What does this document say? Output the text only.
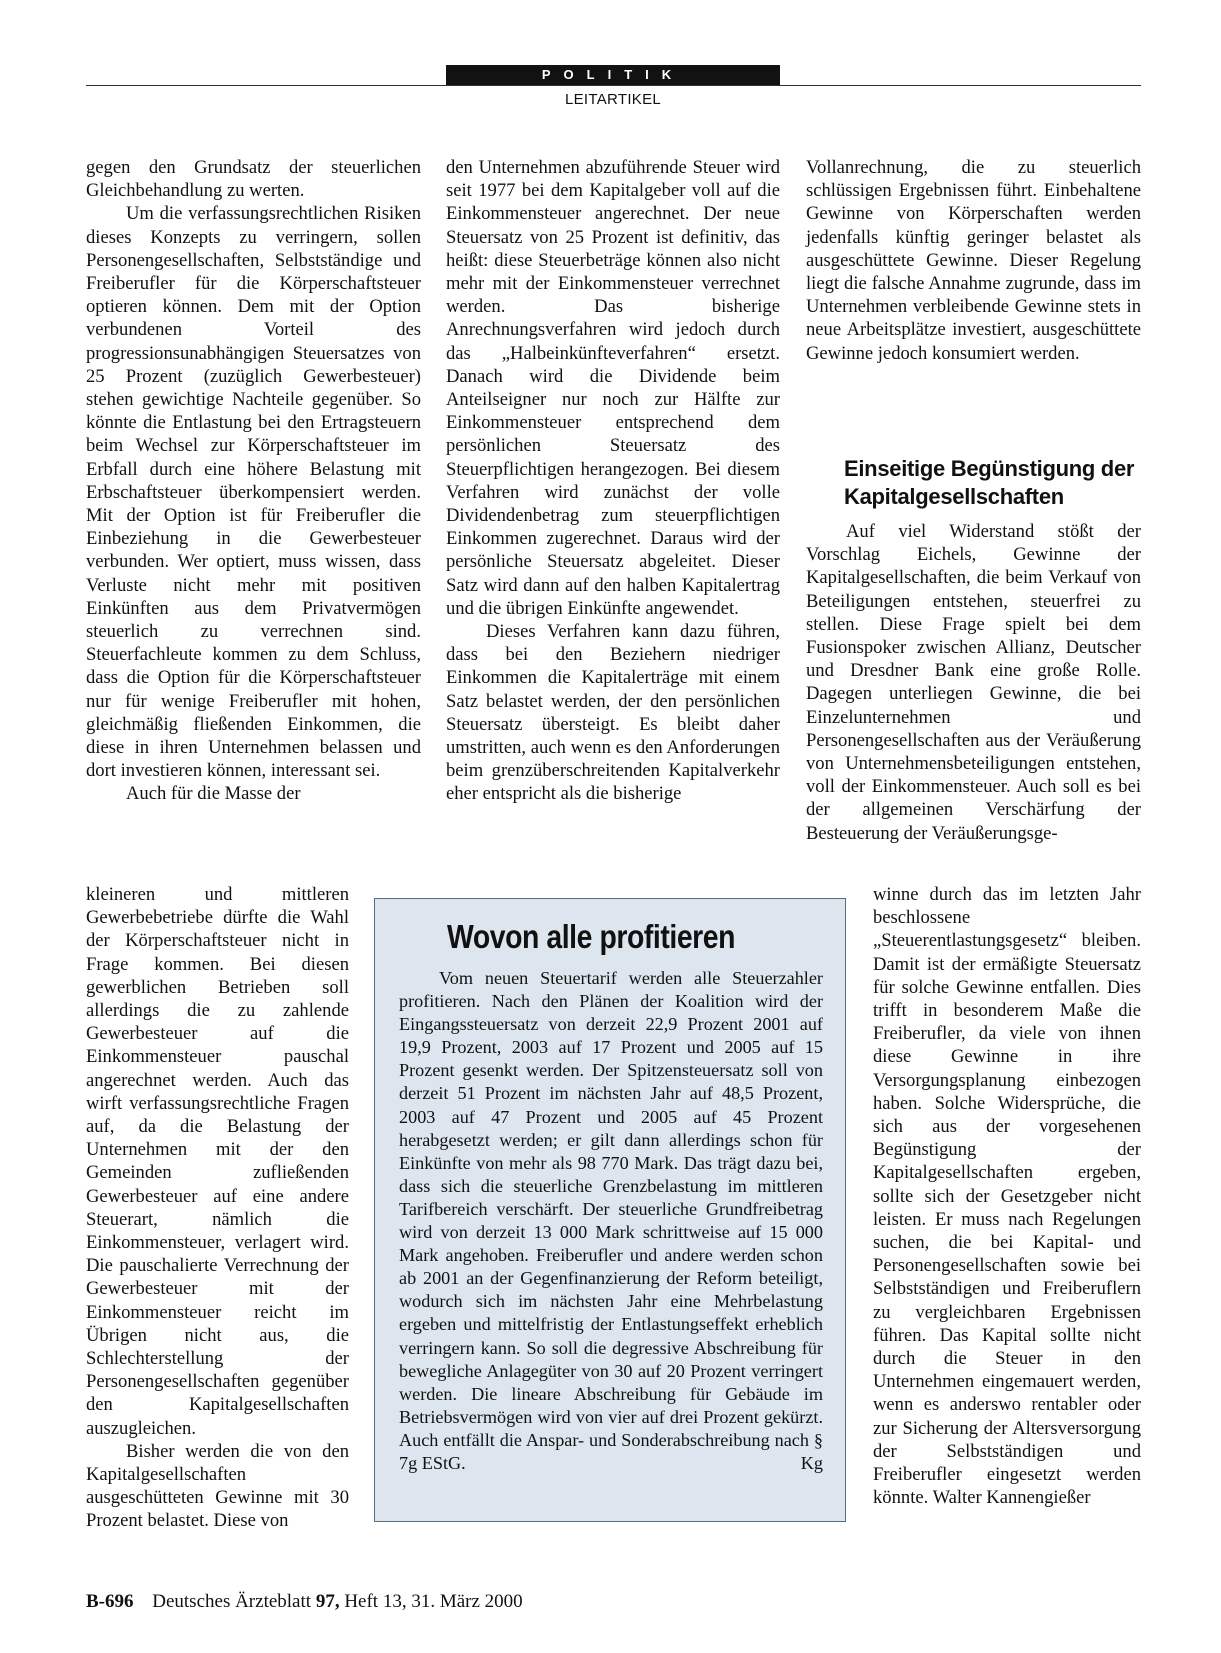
POLITIK
LEITARTIKEL

gegen den Grundsatz der steuerlichen Gleichbehandlung zu werten.

Um die verfassungsrechtlichen Risiken dieses Konzepts zu verringern, sollen Personengesellschaften, Selbstständige und Freiberufler für die Körperschaftsteuer optieren können. Dem mit der Option verbundenen Vorteil des progressionsunabhängigen Steuersatzes von 25 Prozent (zuzüglich Gewerbesteuer) stehen gewichtige Nachteile gegenüber. So könnte die Entlastung bei den Ertragsteuern beim Wechsel zur Körperschaftsteuer im Erbfall durch eine höhere Belastung mit Erbschaftsteuer überkompensiert werden. Mit der Option ist für Freiberufler die Einbeziehung in die Gewerbesteuer verbunden. Wer optiert, muss wissen, dass Verluste nicht mehr mit positiven Einkünften aus dem Privatvermögen steuerlich zu verrechnen sind. Steuerfachleute kommen zu dem Schluss, dass die Option für die Körperschaftsteuer nur für wenige Freiberufler mit hohen, gleichmäßig fließenden Einkommen, die diese in ihren Unternehmen belassen und dort investieren können, interessant sei.

Auch für die Masse der

kleineren und mittleren Gewerbebetriebe dürfte die Wahl der Körperschaftsteuer nicht in Frage kommen. Bei diesen gewerblichen Betrieben soll allerdings die zu zahlende Gewerbesteuer auf die Einkommensteuer pauschal angerechnet werden. Auch das wirft verfassungsrechtliche Fragen auf, da die Belastung der Unternehmen mit der den Gemeinden zufließenden Gewerbesteuer auf eine andere Steuerart, nämlich die Einkommensteuer, verlagert wird. Die pauschalierte Verrechnung der Gewerbesteuer mit der Einkommensteuer reicht im Übrigen nicht aus, die Schlechterstellung der Personengesellschaften gegenüber den Kapitalgesellschaften auszugleichen.

Bisher werden die von den Kapitalgesellschaften ausgeschütteten Gewinne mit 30 Prozent belastet. Diese von

den Unternehmen abzuführende Steuer wird seit 1977 bei dem Kapitalgeber voll auf die Einkommensteuer angerechnet. Der neue Steuersatz von 25 Prozent ist definitiv, das heißt: diese Steuerbeträge können also nicht mehr mit der Einkommensteuer verrechnet werden. Das bisherige Anrechnungsverfahren wird jedoch durch das „Halbeinkünfteverfahren“ ersetzt. Danach wird die Dividende beim Anteilseigner nur noch zur Hälfte zur Einkommensteuer entsprechend dem persönlichen Steuersatz des Steuerpflichtigen herangezogen. Bei diesem Verfahren wird zunächst der volle Dividendenbetrag zum steuerpflichtigen Einkommen zugerechnet. Daraus wird der persönliche Steuersatz abgeleitet. Dieser Satz wird dann auf den halben Kapitalertrag und die übrigen Einkünfte angewendet.

Dieses Verfahren kann dazu führen, dass bei den Beziehern niedriger Einkommen die Kapitalerträge mit einem Satz belastet werden, der den persönlichen Steuersatz übersteigt. Es bleibt daher umstritten, auch wenn es den Anforderungen beim grenzüberschreitenden Kapitalverkehr eher entspricht als die bisherige

Vollanrechnung, die zu steuerlich schlüssigen Ergebnissen führt. Einbehaltene Gewinne von Körperschaften werden jedenfalls künftig geringer belastet als ausgeschüttete Gewinne. Dieser Regelung liegt die falsche Annahme zugrunde, dass im Unternehmen verbleibende Gewinne stets in neue Arbeitsplätze investiert, ausgeschüttete Gewinne jedoch konsumiert werden.

Einseitige Begünstigung der Kapitalgesellschaften

Auf viel Widerstand stößt der Vorschlag Eichels, Gewinne der Kapitalgesellschaften, die beim Verkauf von Beteiligungen entstehen, steuerfrei zu stellen. Diese Frage spielt bei dem Fusionspoker zwischen Allianz, Deutscher und Dresdner Bank eine große Rolle. Dagegen unterliegen Gewinne, die bei Einzelunternehmen und Personengesellschaften aus der Veräußerung von Unternehmensbeteiligungen entstehen, voll der Einkommensteuer. Auch soll es bei der allgemeinen Verschärfung der Besteuerung der Veräußerungsge-

winne durch das im letzten Jahr beschlossene „Steuerentlastungsgesetz“ bleiben. Damit ist der ermäßigte Steuersatz für solche Gewinne entfallen. Dies trifft in besonderem Maße die Freiberufler, da viele von ihnen diese Gewinne in ihre Versorgungsplanung einbezogen haben. Solche Widersprüche, die sich aus der vorgesehenen Begünstigung der Kapitalgesellschaften ergeben, sollte sich der Gesetzgeber nicht leisten. Er muss nach Regelungen suchen, die bei Kapital- und Personengesellschaften sowie bei Selbstständigen und Freiberuflern zu vergleichbaren Ergebnissen führen. Das Kapital sollte nicht durch die Steuer in den Unternehmen eingemauert werden, wenn es anderswo rentabler oder zur Sicherung der Altersversorgung der Selbstständigen und Freiberufler eingesetzt werden könnte. Walter Kannengießer

Wovon alle profitieren

Vom neuen Steuertarif werden alle Steuerzahler profitieren. Nach den Plänen der Koalition wird der Eingangssteuersatz von derzeit 22,9 Prozent 2001 auf 19,9 Prozent, 2003 auf 17 Prozent und 2005 auf 15 Prozent gesenkt werden. Der Spitzensteuersatz soll von derzeit 51 Prozent im nächsten Jahr auf 48,5 Prozent, 2003 auf 47 Prozent und 2005 auf 45 Prozent herabgesetzt werden; er gilt dann allerdings schon für Einkünfte von mehr als 98 770 Mark. Das trägt dazu bei, dass sich die steuerliche Grenzbelastung im mittleren Tarifbereich verschärft. Der steuerliche Grundfreibetrag wird von derzeit 13 000 Mark schrittweise auf 15 000 Mark angehoben. Freiberufler und andere werden schon ab 2001 an der Gegenfinanzierung der Reform beteiligt, wodurch sich im nächsten Jahr eine Mehrbelastung ergeben und mittelfristig der Entlastungseffekt erheblich verringern kann. So soll die degressive Abschreibung für bewegliche Anlagegüter von 30 auf 20 Prozent verringert werden. Die lineare Abschreibung für Gebäude im Betriebsvermögen wird von vier auf drei Prozent gekürzt. Auch entfällt die Anspar- und Sonderabschreibung nach § 7g EStG.	Kg

B-696 Deutsches Ärzteblatt 97, Heft 13, 31. März 2000
